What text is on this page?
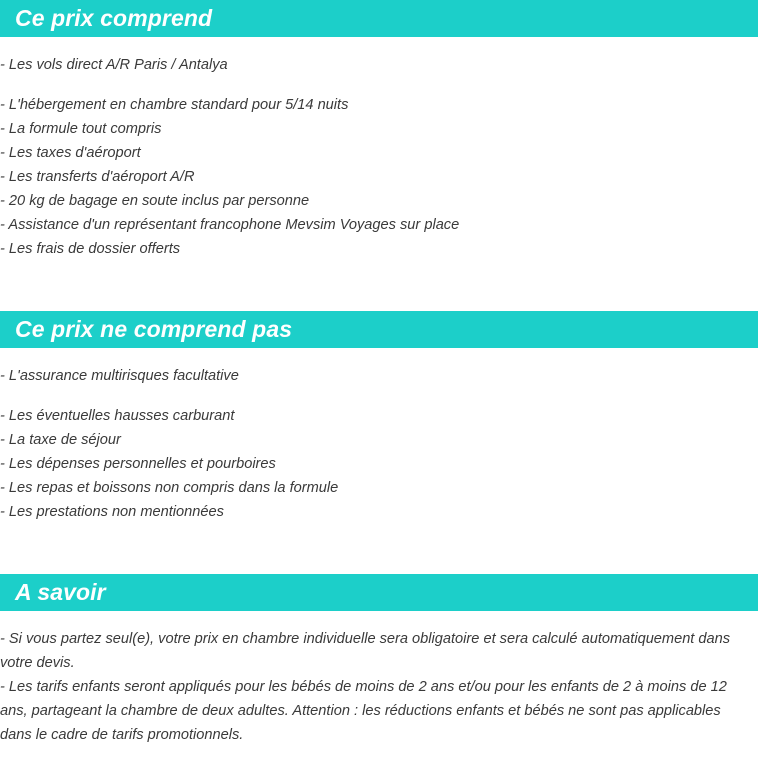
Ce prix comprend

- Les vols direct A/R Paris / Antalya

- L'hébergement en chambre standard pour 5/14 nuits

- La formule tout compris

- Les taxes d'aéroport

- Les transferts d'aéroport A/R

- 20 kg de bagage en soute inclus par personne

- Assistance d'un représentant francophone Mevsim Voyages sur place

- Les frais de dossier offerts

Ce prix ne comprend pas

- L'assurance multirisques facultative

- Les éventuelles hausses carburant

- La taxe de séjour

- Les dépenses personnelles et pourboires

- Les repas et boissons non compris dans la formule

- Les prestations non mentionnées

A savoir

- Si vous partez seul(e), votre prix en chambre individuelle sera obligatoire et sera calculé automatiquement dans votre devis.

- Les tarifs enfants seront appliqués pour les bébés de moins de 2 ans et/ou pour les enfants de 2 à moins de 12 ans, partageant la chambre de deux adultes. Attention : les réductions enfants et bébés ne sont pas applicables dans le cadre de tarifs promotionnels.
